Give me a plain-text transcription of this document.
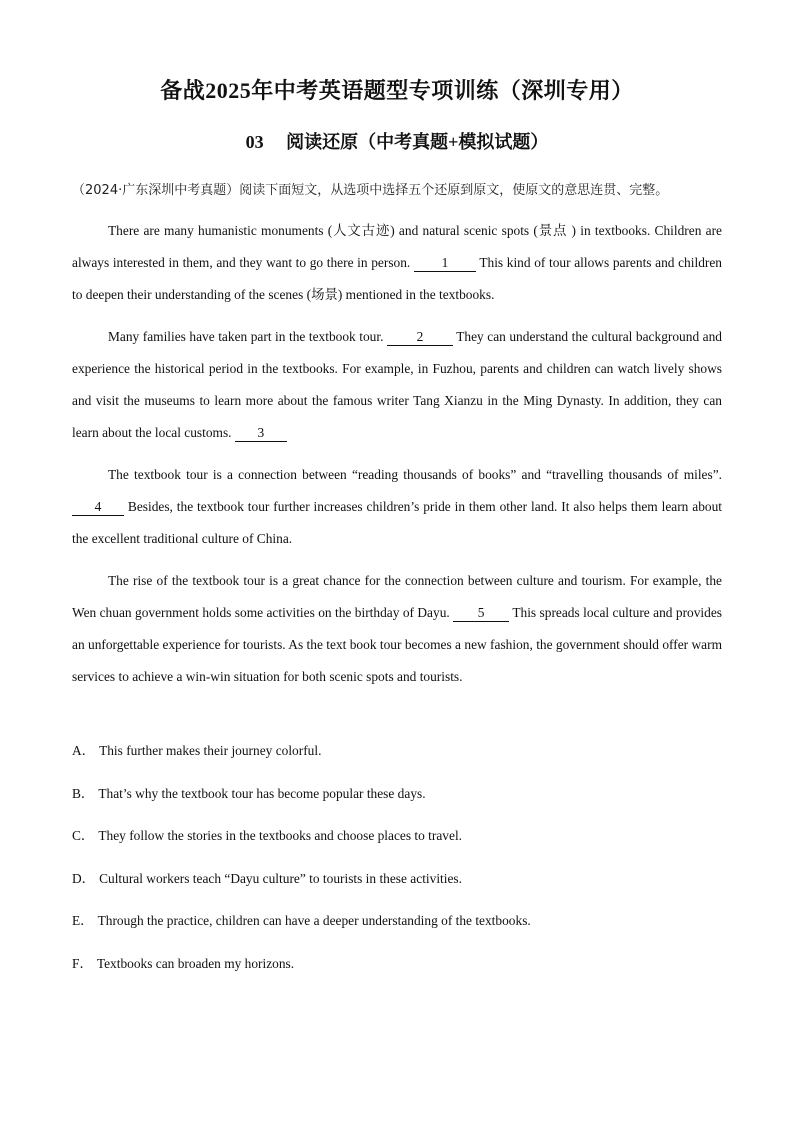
备战2025年中考英语题型专项训练（深圳专用）
03 阅读还原（中考真题+模拟试题）
（2024·广东深圳中考真题）阅读下面短文，从选项中选择五个还原到原文，使原文的意思连贯、完整。
There are many humanistic monuments (人文古迹) and natural scenic spots (景点 ) in textbooks. Children are always interested in them, and they want to go there in person. 1 This kind of tour allows parents and children to deepen their understanding of the scenes (场景) mentioned in the textbooks.
Many families have taken part in the textbook tour. 2 They can understand the cultural background and experience the historical period in the textbooks. For example, in Fuzhou, parents and children can watch lively shows and visit the museums to learn more about the famous writer Tang Xianzu in the Ming Dynasty. In addition, they can learn about the local customs. 3
The textbook tour is a connection between “reading thousands of books” and “travelling thousands of miles”. 4 Besides, the textbook tour further increases children’s pride in them other land. It also helps them learn about the excellent traditional culture of China.
The rise of the textbook tour is a great chance for the connection between culture and tourism. For example, the Wen chuan government holds some activities on the birthday of Dayu. 5 This spreads local culture and provides an unforgettable experience for tourists. As the text book tour becomes a new fashion, the government should offer warm services to achieve a win-win situation for both scenic spots and tourists.
A． This further makes their journey colorful.
B． That’s why the textbook tour has become popular these days.
C． They follow the stories in the textbooks and choose places to travel.
D． Cultural workers teach “Dayu culture” to tourists in these activities.
E． Through the practice, children can have a deeper understanding of the textbooks.
F． Textbooks can broaden my horizons.
